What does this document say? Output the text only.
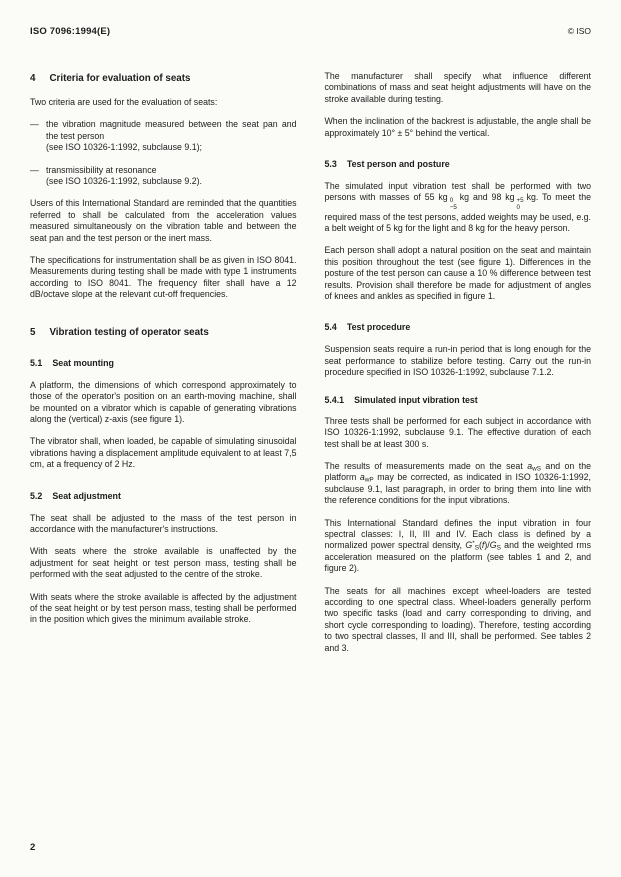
ISO 7096:1994(E)	© ISO
4 Criteria for evaluation of seats

Two criteria are used for the evaluation of seats:

— the vibration magnitude measured between the seat pan and the test person
(see ISO 10326-1:1992, subclause 9.1);
— transmissibility at resonance
(see ISO 10326-1:1992, subclause 9.2).

Users of this International Standard are reminded that the quantities referred to shall be calculated from the acceleration values measured simultaneously on the vibration table and between the seat pan and the test person or the inert mass.

The specifications for instrumentation shall be as given in ISO 8041. Measurements during testing shall be made with type 1 instruments according to ISO 8041. The frequency filter shall have a 12 dB/octave slope at the relevant cut-off frequencies.

5 Vibration testing of operator seats
5.1 Seat mounting

A platform, the dimensions of which correspond approximately to those of the operator's position on an earth-moving machine, shall be mounted on a vibrator which is capable of generating vibrations along the (vertical) z-axis (see figure 1).

The vibrator shall, when loaded, be capable of simulating sinusoidal vibrations having a displacement amplitude equivalent to at least 7,5 cm, at a frequency of 2 Hz.

5.2 Seat adjustment

The seat shall be adjusted to the mass of the test person in accordance with the manufacturer's instructions.

With seats where the stroke available is unaffected by the adjustment for seat height or test person mass, testing shall be performed with the seat adjusted to the centre of the stroke.

With seats where the stroke available is affected by the adjustment of the seat height or by test person mass, testing shall be performed in the position which gives the minimum available stroke.

The manufacturer shall specify what influence different combinations of mass and seat height adjustments will have on the stroke available during testing.

When the inclination of the backrest is adjustable, the angle shall be approximately 10° ± 5° behind the vertical.

5.3 Test person and posture

The simulated input vibration test shall be performed with two persons with masses of 55 kg 0
−5
kg and 98 kg +5
0
kg. To meet the required mass of the test persons, added weights may be used, e.g. a belt weight of 5 kg for the light and 8 kg for the heavy person.

Each person shall adopt a natural position on the seat and maintain this position throughout the test (see figure 1). Differences in the posture of the test person can cause a 10 % difference between test results. Provision shall therefore be made for adjustment of angles of knees and ankles as specified in figure 1.

5.4 Test procedure

Suspension seats require a run-in period that is long enough for the seat performance to stabilize before testing. Carry out the run-in procedure specified in ISO 10326-1:1992, subclause 7.1.2.

5.4.1 Simulated input vibration test

Three tests shall be performed for each subject in accordance with ISO 10326-1:1992, subclause 9.1. The effective duration of each test shall be at least 300 s.

The results of measurements made on the seat $a_{wS}$ and on the platform $a_{wP}$ may be corrected, as indicated in ISO 10326-1:1992, subclause 9.1, last paragraph, in order to bring them into line with the reference conditions for the input vibrations.

This International Standard defines the input vibration in four spectral classes: I, II, III and IV. Each class is defined by a normalized power spectral density, $G^*_S(f)/G_S$ and the weighted rms acceleration measured on the platform (see tables 1 and 2, and figure 2).

The seats for all machines except wheel-loaders are tested according to one spectral class. Wheel-loaders generally perform two specific tasks (load and carry corresponding to driving, and short cycle corresponding to loading). Therefore, testing according to two spectral classes, II and III, shall be performed. See tables 2 and 3.

2
